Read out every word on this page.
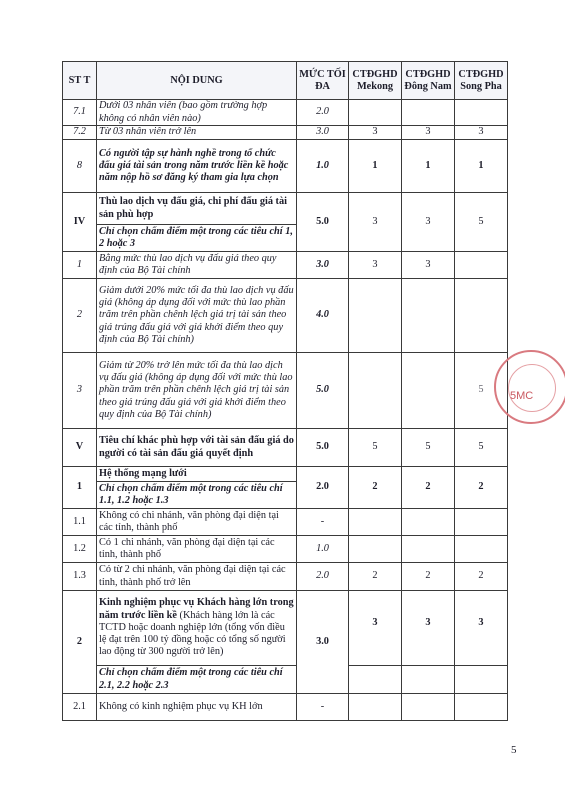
ST T	NỘI DUNG	MỨC TỐI ĐA	CTĐGHD Mekong	CTĐGHD Đông Nam	CTĐGHD Song Pha
7.1	Dưới 03 nhân viên (bao gồm trường hợp không có nhân viên nào)	2.0			
7.2	Từ 03 nhân viên trở lên	3.0	3	3	3
8	Có người tập sự hành nghề trong tổ chức đấu giá tài sản trong năm trước liền kề hoặc năm nộp hồ sơ đăng ký tham gia lựa chọn	1.0	1	1	1
IV	Thù lao dịch vụ đấu giá, chi phí đấu giá tài sản phù hợp	5.0	3	3	5
	Chỉ chọn chấm điểm một trong các tiêu chí 1, 2 hoặc 3				
1	Bằng mức thù lao dịch vụ đấu giá theo quy định của Bộ Tài chính	3.0	3	3	
2	Giảm dưới 20% mức tối đa thù lao dịch vụ đấu giá (không áp dụng đối với mức thù lao phần trăm trên phần chênh lệch giá trị tài sản theo giá trúng đấu giá với giá khởi điểm theo quy định của Bộ Tài chính)	4.0			
3	Giảm từ 20% trở lên mức tối đa thù lao dịch vụ đấu giá (không áp dụng đối với mức thù lao phần trăm trên phần chênh lệch giá trị tài sản theo giá trúng đấu giá với giá khởi điểm theo quy định của Bộ Tài chính)	5.0			5
V	Tiêu chí khác phù hợp với tài sản đấu giá do người có tài sản đấu giá quyết định	5.0	5	5	5
1	Hệ thống mạng lưới	2.0	2	2	2
	Chỉ chọn chấm điểm một trong các tiêu chí 1.1, 1.2 hoặc 1.3				
1.1	Không có chi nhánh, văn phòng đại diện tại các tỉnh, thành phố	-			
1.2	Có 1 chi nhánh, văn phòng đại diện tại các tỉnh, thành phố	1.0			
1.3	Có từ 2 chi nhánh, văn phòng đại diện tại các tỉnh, thành phố trở lên	2.0	2	2	2
2	Kinh nghiệm phục vụ Khách hàng lớn trong năm trước liền kề (Khách hàng lớn là các TCTD hoặc doanh nghiệp lớn (tổng vốn điều lệ đạt trên 100 tỷ đồng hoặc có tổng số người lao động từ 300 người trở lên)	3.0	3	3	3
	Chỉ chọn chấm điểm một trong các tiêu chí 2.1, 2.2 hoặc 2.3				
2.1	Không có kinh nghiệm phục vụ KH lớn	-			
5MC
5
